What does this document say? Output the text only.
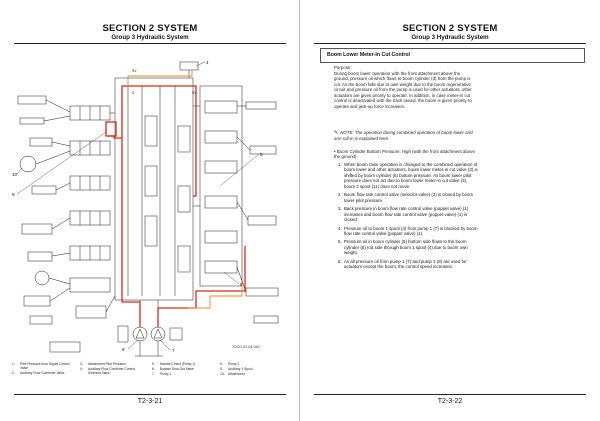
SECTION 2 SYSTEM
Group 3 Hydraulic System
4
5
6
7
8
9
10
SV
S	SV
TDCD-02-04-030
1- Pilot Pressure from Signal Control Valve
2- Auxiliary Flow Combiner Valve
3- Attachment Pilot Pressure
4- Auxiliary Flow Combiner Control Solenoid Valve
5- Neutral Circuit (Pump 1)
6- Bypass Shut-Out Valve
7- Pump 1
8- Pump 2
9- Auxiliary 1 Spool
10- Attachment
T2-3-21
SECTION 2 SYSTEM
Group 3 Hydraulic System
Boom Lower Meter-In Cut Control
Purpose:
During boom lower operation with the front attachment above the ground, pressure oil which flows to boom cylinder (3) from the pump is cut. As the boom falls due to own weight due to the boom regenerative circuit and pressure oil from the pump is used for other actuators, other actuators are given priority to operate. In addition, in case meter-in cut control is deactivated with the track raised, the boom is given priority to operate and jack-up force increases.
✎ NOTE: The operation during combined operation of boom lower and arm roll-in is explained here.
• Boom Cylinder Bottom Pressure: High (with the front attachment above the ground)
1. When boom raise operation is changed to the combined operation of boom lower and other actuators, boom lower meter-in cut valve (3) is shifted by boom cylinder (5) bottom pressure. As boom lower pilot pressure does not act due to boom lower meter-in cut valve (3), boom 2 spool (11) does not move.
2. Boom flow rate control valve (selector valve) (2) is closed by boom lower pilot pressure.
3. Back pressure in boom flow rate control valve (poppet valve) (1) increases and boom flow rate control valve (poppet valve) (1) is closed.
4. Pressure oil to boom 1 spool (4) from pump 1 (7) is blocked by boom flow rate control valve (poppet valve) (1).
5. Pressure oil in boom cylinder (5) bottom side flows to the boom cylinder (5) rod side through boom 1 spool (4) due to boom own weight.
6. As all pressure oil from pump 1 (7) and pump 2 (8) are used for actuators except the boom, the control speed increases.
T2-3-22
